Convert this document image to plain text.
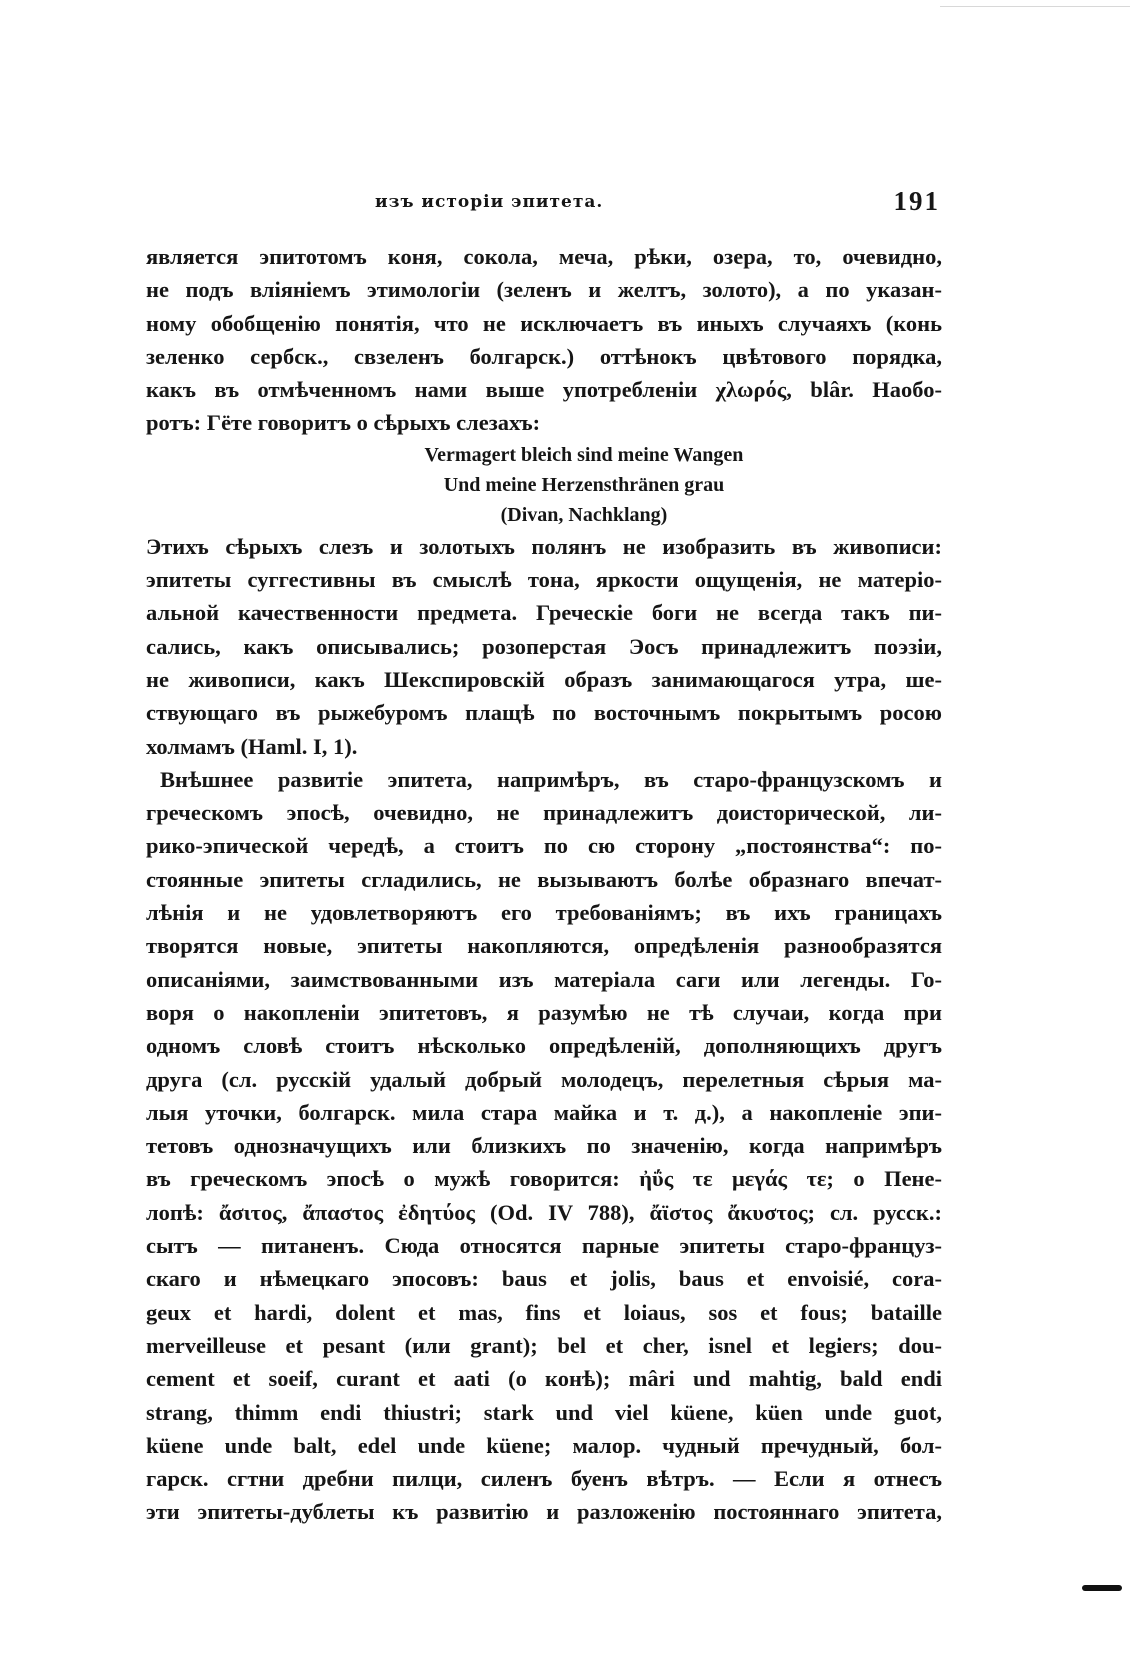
изъ исторіи эпитета.	191
является эпитотомъ коня, сокола, меча, рѣки, озера, то, очевидно,
не подъ вліяніемъ этимологіи (зеленъ и желтъ, золото), а по указан-
ному обобщенію понятія, что не исключаетъ въ иныхъ случаяхъ (конь
зеленко сербск., свзеленъ болгарск.) оттѣнокъ цвѣтового порядка,
какъ въ отмѣченномъ нами выше употребленіи χλωρός, blâr. Наобо-
ротъ: Гёте говоритъ о сѣрыхъ слезахъ:
Vermagert bleich sind meine Wangen
Und meine Herzensthränen grau
(Divan, Nachklang)
Этихъ сѣрыхъ слезъ и золотыхъ полянъ не изобразить въ живописи:
эпитеты суггестивны въ смыслѣ тона, яркости ощущенія, не матеріо-
альной качественности предмета. Греческіе боги не всегда такъ пи-
сались, какъ описывались; розоперстая Эосъ принадлежитъ поэзіи,
не живописи, какъ Шекспировскій образъ занимающагося утра, ше-
ствующаго въ рыжебуромъ плащѣ по восточнымъ покрытымъ росою
холмамъ (Haml. I, 1).
Внѣшнее развитіе эпитета, напримѣръ, въ старо-французскомъ и
греческомъ эпосѣ, очевидно, не принадлежитъ доисторической, ли-
рико-эпической чередѣ, а стоитъ по сю сторону „постоянства“: по-
стоянные эпитеты сгладились, не вызываютъ болѣе образнаго впечат-
лѣнія и не удовлетворяютъ его требованіямъ; въ ихъ границахъ
творятся новые, эпитеты накопляются, опредѣленія разнообразятся
описаніями, заимствованными изъ матеріала саги или легенды. Го-
воря о накопленіи эпитетовъ, я разумѣю не тѣ случаи, когда при
одномъ словѣ стоитъ нѣсколько опредѣленій, дополняющихъ другъ
друга (сл. русскій удалый добрый молодецъ, перелетныя сѣрыя ма-
лыя уточки, болгарск. мила стара майка и т. д.), а накопленіе эпи-
тетовъ однозначущихъ или близкихъ по значенію, когда напримѣръ
въ греческомъ эпосѣ о мужѣ говорится: ἠΰς τε μεγάς τε; о Пене-
лопѣ: ἄσιτος, ἄπαστος ἐδητύος (Od. IV 788), ἄϊστος ἄκυστος; сл. русск.:
сытъ — питаненъ. Сюда относятся парные эпитеты старо-француз-
скаго и нѣмецкаго эпосовъ: baus et jolis, baus et envoisié, cora-
geux et hardi, dolent et mas, fins et loiaus, sos et fous; bataille
merveilleuse et pesant (или grant); bel et cher, isnel et legiers; dou-
cement et soeif, curant et aati (о конѣ); mâri und mahtig, bald endi
strang, thimm endi thiustri; stark und viel küene, küen unde guot,
küene unde balt, edel unde küene; малор. чудный пречудный, бол-
гарск. сгтни дребни пилци, силенъ буенъ вѣтръ. — Если я отнесъ
эти эпитеты-дублеты къ развитію и разложенію постояннаго эпитета,
